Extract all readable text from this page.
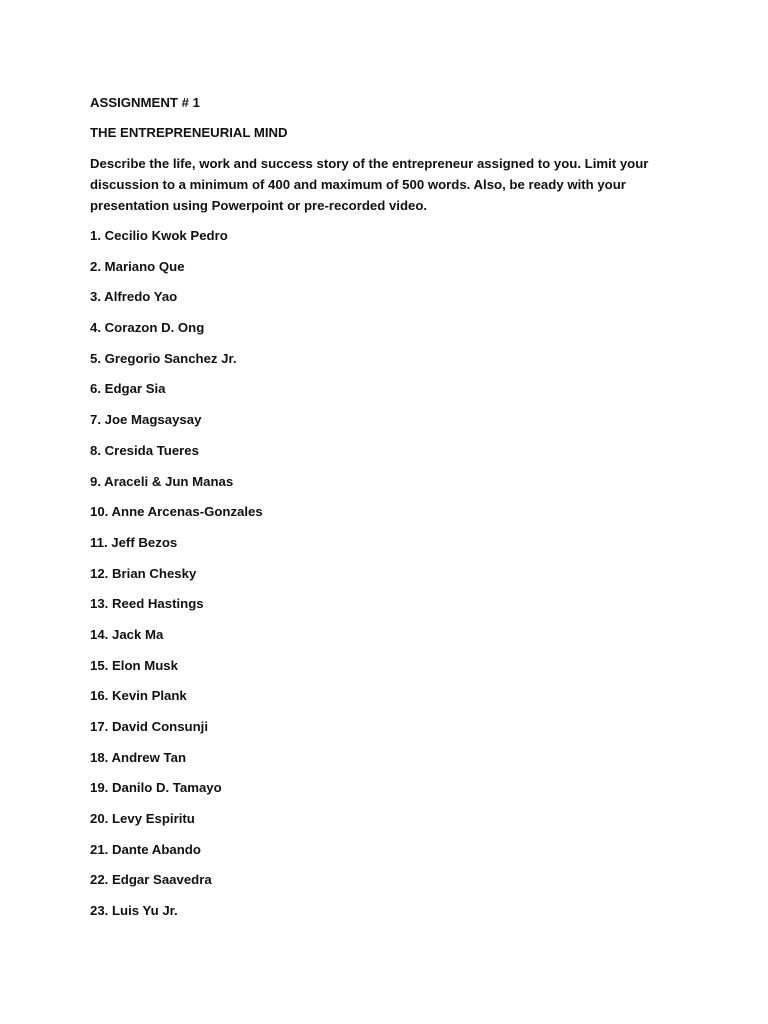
ASSIGNMENT # 1

THE ENTREPRENEURIAL MIND

Describe the life, work and success story of the entrepreneur assigned to you. Limit your
discussion to a minimum of 400 and maximum of 500 words. Also, be ready with your
presentation using Powerpoint or pre-recorded video.

1. Cecilio Kwok Pedro
2. Mariano Que
3. Alfredo Yao
4. Corazon D. Ong
5. Gregorio Sanchez Jr.
6. Edgar Sia
7. Joe Magsaysay
8. Cresida Tueres
9. Araceli & Jun Manas
10. Anne Arcenas-Gonzales
11. Jeff Bezos
12. Brian Chesky
13. Reed Hastings
14. Jack Ma
15. Elon Musk
16. Kevin Plank
17. David Consunji
18. Andrew Tan
19. Danilo D. Tamayo
20. Levy Espiritu
21. Dante Abando
22. Edgar Saavedra
23. Luis Yu Jr.
